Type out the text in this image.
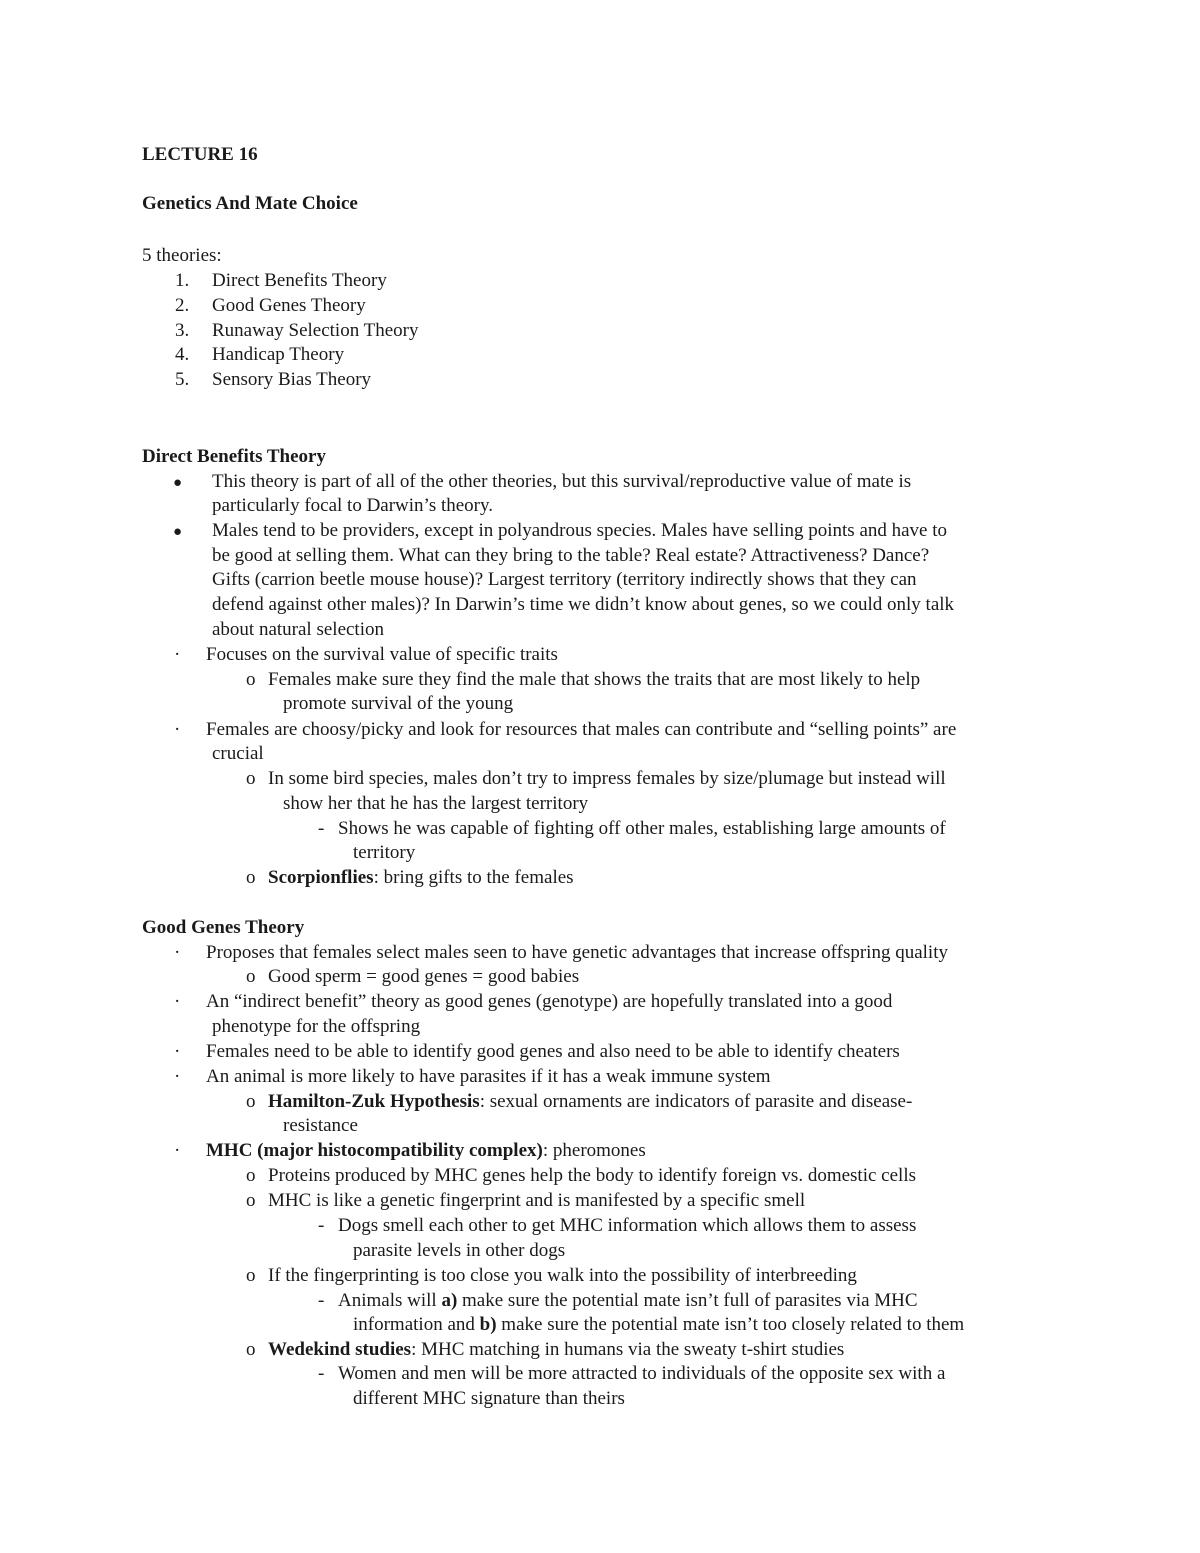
LECTURE 16
Genetics And Mate Choice
5 theories:
1. Direct Benefits Theory
2. Good Genes Theory
3. Runaway Selection Theory
4. Handicap Theory
5. Sensory Bias Theory
Direct Benefits Theory
● This theory is part of all of the other theories, but this survival/reproductive value of mate is
particularly focal to Darwin’s theory.
● Males tend to be providers, except in polyandrous species. Males have selling points and have to
be good at selling them. What can they bring to the table? Real estate? Attractiveness? Dance?
Gifts (carrion beetle mouse house)? Largest territory (territory indirectly shows that they can
defend against other males)? In Darwin’s time we didn’t know about genes, so we could only talk
about natural selection
· Focuses on the survival value of specific traits
o Females make sure they find the male that shows the traits that are most likely to help
promote survival of the young
· Females are choosy/picky and look for resources that males can contribute and “selling points” are
crucial
o In some bird species, males don’t try to impress females by size/plumage but instead will
show her that he has the largest territory
- Shows he was capable of fighting off other males, establishing large amounts of
territory
o Scorpionflies: bring gifts to the females
Good Genes Theory
· Proposes that females select males seen to have genetic advantages that increase offspring quality
o Good sperm = good genes = good babies
· An “indirect benefit” theory as good genes (genotype) are hopefully translated into a good
phenotype for the offspring
· Females need to be able to identify good genes and also need to be able to identify cheaters
· An animal is more likely to have parasites if it has a weak immune system
o Hamilton-Zuk Hypothesis: sexual ornaments are indicators of parasite and disease-
resistance
· MHC (major histocompatibility complex): pheromones
o Proteins produced by MHC genes help the body to identify foreign vs. domestic cells
o MHC is like a genetic fingerprint and is manifested by a specific smell
- Dogs smell each other to get MHC information which allows them to assess
parasite levels in other dogs
o If the fingerprinting is too close you walk into the possibility of interbreeding
- Animals will a) make sure the potential mate isn’t full of parasites via MHC
information and b) make sure the potential mate isn’t too closely related to them
o Wedekind studies: MHC matching in humans via the sweaty t-shirt studies
- Women and men will be more attracted to individuals of the opposite sex with a
different MHC signature than theirs
